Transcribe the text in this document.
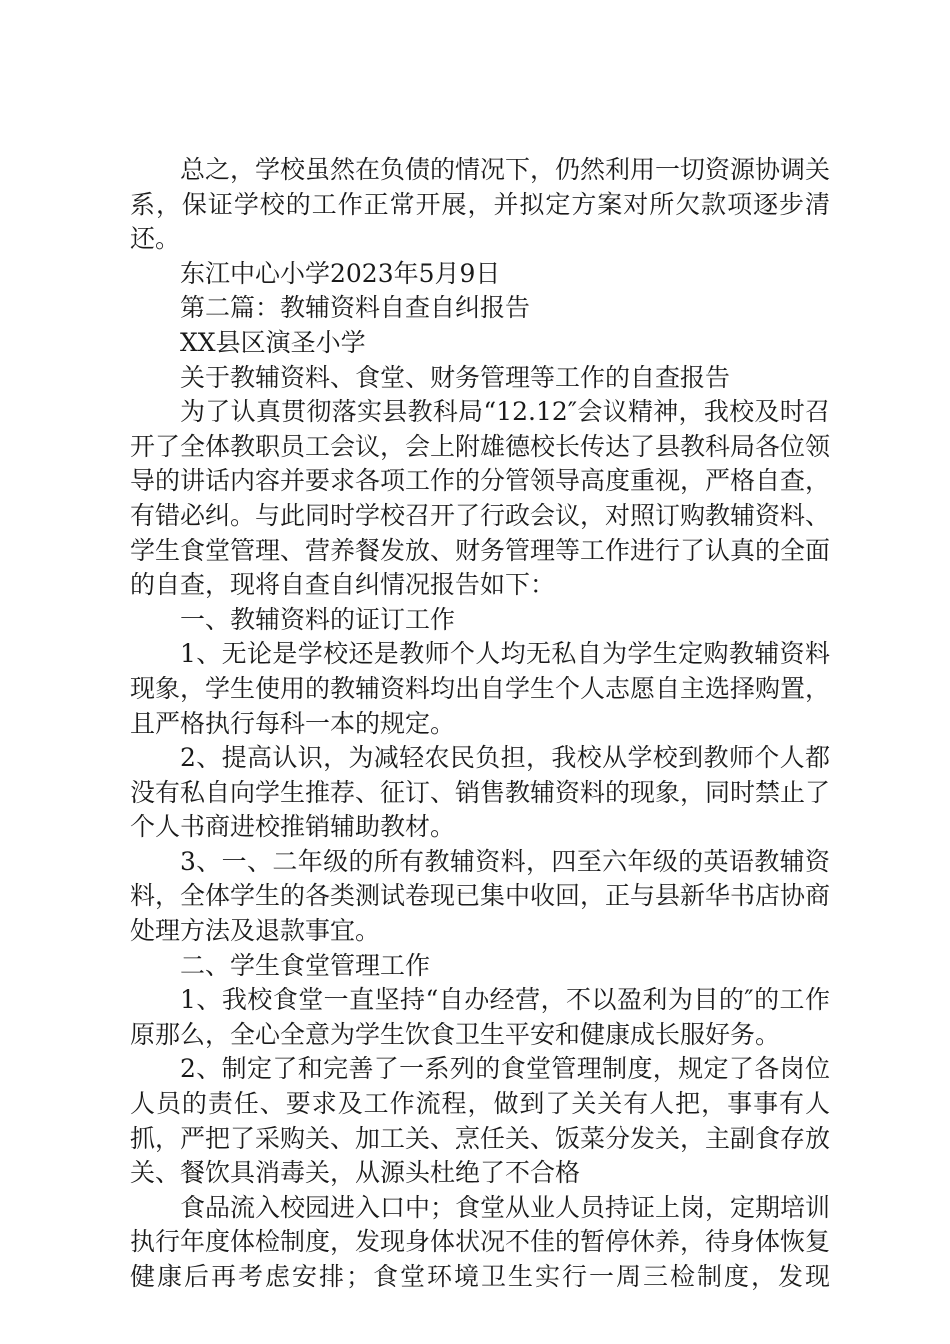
总之，学校虽然在负债的情况下，仍然利用一切资源协调关系，保证学校的工作正常开展，并拟定方案对所欠款项逐步清还。

东江中心小学2023年5月9日

第二篇：教辅资料自查自纠报告

XX县区演圣小学

关于教辅资料、食堂、财务管理等工作的自查报告

为了认真贯彻落实县教科局“12.12″会议精神，我校及时召开了全体教职员工会议，会上附雄德校长传达了县教科局各位领导的讲话内容并要求各项工作的分管领导高度重视，严格自查，有错必纠。与此同时学校召开了行政会议，对照订购教辅资料、学生食堂管理、营养餐发放、财务管理等工作进行了认真的全面的自查，现将自查自纠情况报告如下：

一、教辅资料的证订工作

1、无论是学校还是教师个人均无私自为学生定购教辅资料现象，学生使用的教辅资料均出自学生个人志愿自主选择购置，且严格执行每科一本的规定。

2、提高认识，为减轻农民负担，我校从学校到教师个人都没有私自向学生推荐、征订、销售教辅资料的现象，同时禁止了个人书商进校推销辅助教材。

3、一、二年级的所有教辅资料，四至六年级的英语教辅资料，全体学生的各类测试卷现已集中收回，正与县新华书店协商处理方法及退款事宜。

二、学生食堂管理工作

1、我校食堂一直坚持“自办经营，不以盈利为目的″的工作原那么，全心全意为学生饮食卫生平安和健康成长服好务。

2、制定了和完善了一系列的食堂管理制度，规定了各岗位人员的责任、要求及工作流程，做到了关关有人把，事事有人抓，严把了采购关、加工关、烹任关、饭菜分发关，主副食存放关、餐饮具消毒关，从源头杜绝了不合格

食品流入校园进入口中；食堂从业人员持证上岗，定期培训执行年度体检制度，发现身体状况不佳的暂停休养，待身体恢复健康后再考虑安排；食堂环境卫生实行一周三检制度，发现
